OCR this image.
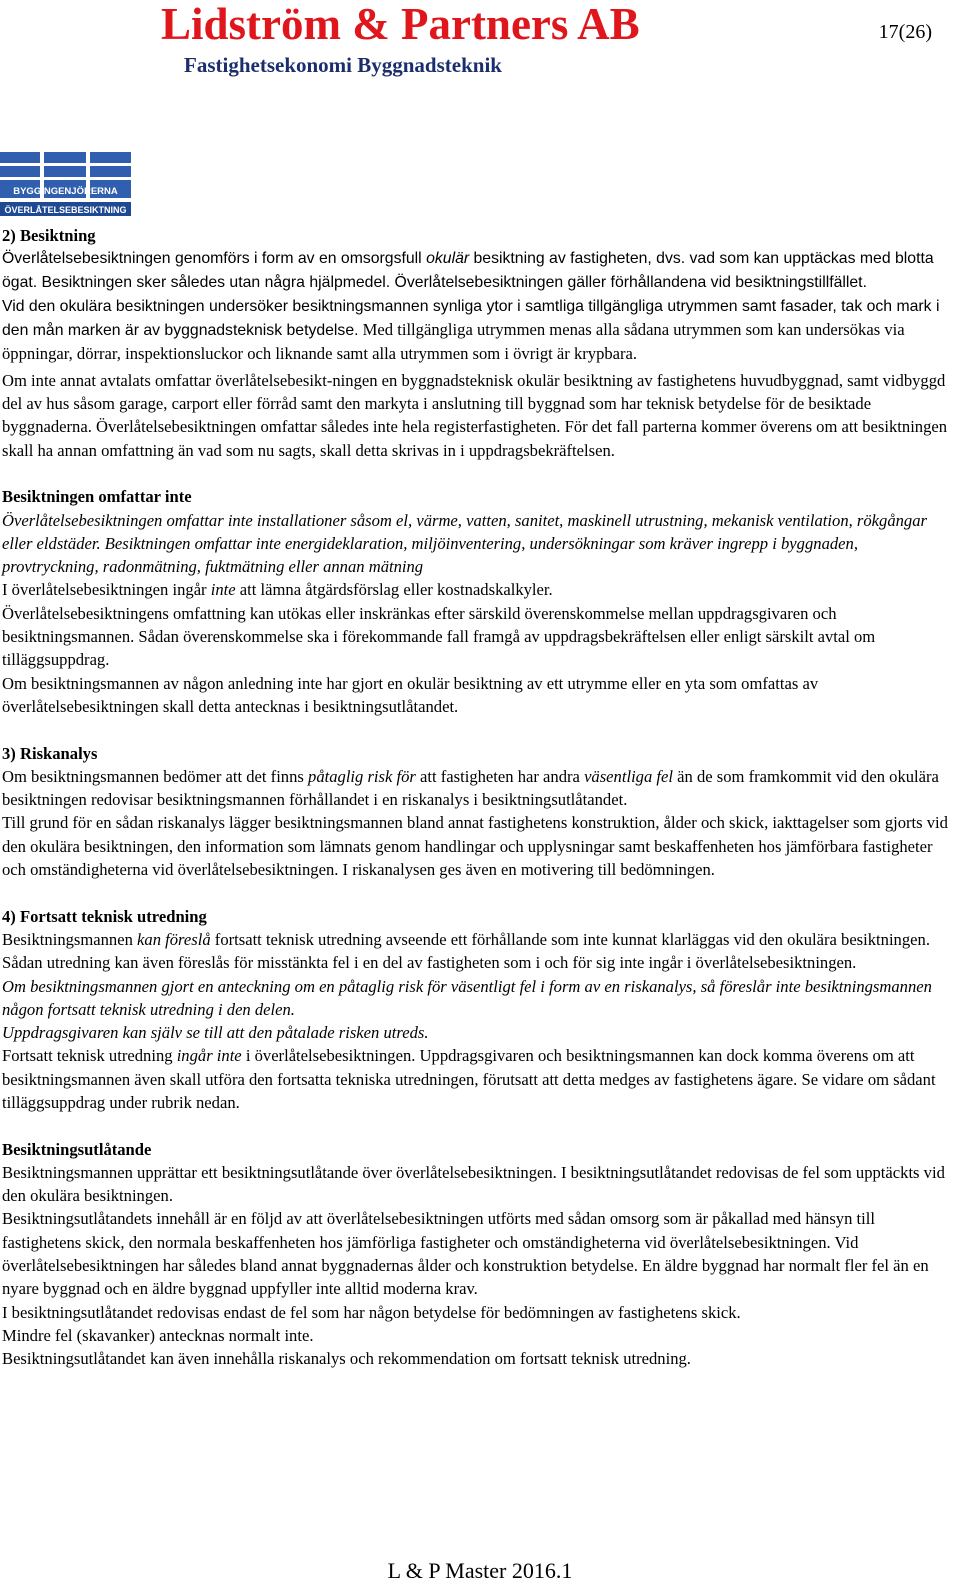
Lidström & Partners AB
Fastighetsekonomi Byggnadsteknik
17(26)
BYGGINGENJÖRERNA
ÖVERLÅTELSEBESIKTNING

2) Besiktning

Överlåtelsebesiktningen genomförs i form av en omsorgsfull okulär besiktning av fastigheten, dvs. vad som kan upptäckas med blotta ögat. Besiktningen sker således utan några hjälpmedel. Överlåtelsebesiktningen gäller förhållandena vid besiktningstillfället.

Vid den okulära besiktningen undersöker besiktningsmannen synliga ytor i samtliga tillgängliga utrymmen samt fasader, tak och mark i den mån marken är av byggnadsteknisk betydelse. Med tillgängliga utrymmen menas alla sådana utrymmen som kan undersökas via öppningar, dörrar, inspektionsluckor och liknande samt alla utrymmen som i övrigt är krypbara.

Om inte annat avtalats omfattar överlåtelsebesikt-ningen en byggnadsteknisk okulär besiktning av fastighetens huvudbyggnad, samt vidbyggd del av hus såsom garage, carport eller förråd samt den markyta i anslutning till byggnad som har teknisk betydelse för de besiktade byggnaderna. Överlåtelsebesiktningen omfattar således inte hela registerfastigheten. För det fall parterna kommer överens om att besiktningen skall ha annan omfattning än vad som nu sagts, skall detta skrivas in i uppdragsbekräftelsen.

Besiktningen omfattar inte

Överlåtelsebesiktningen omfattar inte installationer såsom el, värme, vatten, sanitet, maskinell utrustning, mekanisk ventilation, rökgångar eller eldstäder. Besiktningen omfattar inte energideklaration, miljöinventering, undersökningar som kräver ingrepp i byggnaden, provtryckning, radonmätning, fuktmätning eller annan mätning

I överlåtelsebesiktningen ingår inte att lämna åtgärdsförslag eller kostnadskalkyler.

Överlåtelsebesiktningens omfattning kan utökas eller inskränkas efter särskild överenskommelse mellan uppdragsgivaren och besiktningsmannen. Sådan överenskommelse ska i förekommande fall framgå av uppdragsbekräftelsen eller enligt särskilt avtal om tilläggsuppdrag.

Om besiktningsmannen av någon anledning inte har gjort en okulär besiktning av ett utrymme eller en yta som omfattas av överlåtelsebesiktningen skall detta antecknas i besiktningsutlåtandet.

3) Riskanalys

Om besiktningsmannen bedömer att det finns påtaglig risk för att fastigheten har andra väsentliga fel än de som framkommit vid den okulära besiktningen redovisar besiktningsmannen förhållandet i en riskanalys i besiktningsutlåtandet.

Till grund för en sådan riskanalys lägger besiktningsmannen bland annat fastighetens konstruktion, ålder och skick, iakttagelser som gjorts vid den okulära besiktningen, den information som lämnats genom handlingar och upplysningar samt beskaffenheten hos jämförbara fastigheter och omständigheterna vid överlåtelsebesiktningen. I riskanalysen ges även en motivering till bedömningen.

4) Fortsatt teknisk utredning

Besiktningsmannen kan föreslå fortsatt teknisk utredning avseende ett förhållande som inte kunnat klarläggas vid den okulära besiktningen. Sådan utredning kan även föreslås för misstänkta fel i en del av fastigheten som i och för sig inte ingår i överlåtelsebesiktningen.

Om besiktningsmannen gjort en anteckning om en påtaglig risk för väsentligt fel i form av en riskanalys, så föreslår inte besiktningsmannen någon fortsatt teknisk utredning i den delen.

Uppdragsgivaren kan själv se till att den påtalade risken utreds.

Fortsatt teknisk utredning ingår inte i överlåtelsebesiktningen. Uppdragsgivaren och besiktningsmannen kan dock komma överens om att besiktningsmannen även skall utföra den fortsatta tekniska utredningen, förutsatt att detta medges av fastighetens ägare. Se vidare om sådant tilläggsuppdrag under rubrik nedan.

Besiktningsutlåtande

Besiktningsmannen upprättar ett besiktningsutlåtande över överlåtelsebesiktningen. I besiktningsutlåtandet redovisas de fel som upptäckts vid den okulära besiktningen.

Besiktningsutlåtandets innehåll är en följd av att överlåtelsebesiktningen utförts med sådan omsorg som är påkallad med hänsyn till fastighetens skick, den normala beskaffenheten hos jämförliga fastigheter och omständigheterna vid överlåtelsebesiktningen. Vid överlåtelsebesiktningen har således bland annat byggnadernas ålder och konstruktion betydelse. En äldre byggnad har normalt fler fel än en nyare byggnad och en äldre byggnad uppfyller inte alltid moderna krav.

I besiktningsutlåtandet redovisas endast de fel som har någon betydelse för bedömningen av fastighetens skick.

Mindre fel (skavanker) antecknas normalt inte.

Besiktningsutlåtandet kan även innehålla riskanalys och rekommendation om fortsatt teknisk utredning.

L & P Master 2016.1
